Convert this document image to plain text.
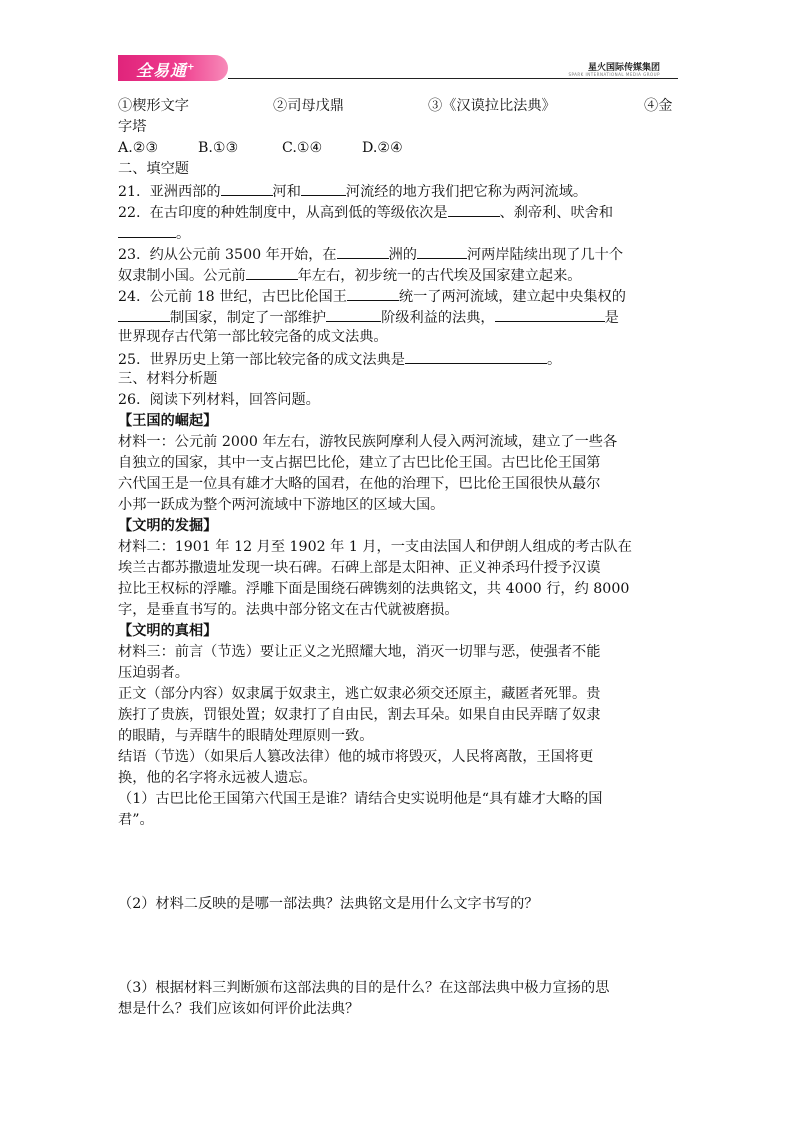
全易通+	星火国际传媒集团
SPARK INTERNATIONAL MEDIA GROUP
①楔形文字	②司母戊鼎	③《汉谟拉比法典》	④金
字塔
A.②③	B.①③	C.①④	D.②④
二、填空题
21.  亚洲西部的	河和	河流经的地方我们把它称为两河流域。
22.  在古印度的种姓制度中，从高到低的等级依次是	、刹帝利、吠舍和
。
23.  约从公元前 3500 年开始，在	洲的	河两岸陆续出现了几十个
奴隶制小国。公元前	年左右，初步统一的古代埃及国家建立起来。
24.  公元前 18 世纪，古巴比伦国王	统一了两河流域，建立起中央集权的
制国家，制定了一部维护	阶级利益的法典，	是
世界现存古代第一部比较完备的成文法典。
25.  世界历史上第一部比较完备的成文法典是	。
三、材料分析题
26.  阅读下列材料，回答问题。
【王国的崛起】
材料一：公元前 2000 年左右，游牧民族阿摩利人侵入两河流域，建立了一些各
自独立的国家，其中一支占据巴比伦，建立了古巴比伦王国。古巴比伦王国第
六代国王是一位具有雄才大略的国君，在他的治理下，巴比伦王国很快从蕞尔
小邦一跃成为整个两河流域中下游地区的区域大国。
【文明的发掘】
材料二：1901 年 12 月至 1902 年 1 月，一支由法国人和伊朗人组成的考古队在
埃兰古都苏撒遗址发现一块石碑。石碑上部是太阳神、正义神杀玛什授予汉谟
拉比王权标的浮雕。浮雕下面是围绕石碑镌刻的法典铭文，共 4000 行，约 8000
字，是垂直书写的。法典中部分铭文在古代就被磨损。
【文明的真相】
材料三：前言（节选）要让正义之光照耀大地，消灭一切罪与恶，使强者不能
压迫弱者。
正文（部分内容）奴隶属于奴隶主，逃亡奴隶必须交还原主，藏匿者死罪。贵
族打了贵族，罚银处置；奴隶打了自由民，割去耳朵。如果自由民弄瞎了奴隶
的眼睛，与弄瞎牛的眼睛处理原则一致。
结语（节选）（如果后人篡改法律）他的城市将毁灭，人民将离散，王国将更
换，他的名字将永远被人遗忘。
（1）古巴比伦王国第六代国王是谁？请结合史实说明他是“具有雄才大略的国
君”。
（2）材料二反映的是哪一部法典？法典铭文是用什么文字书写的？
（3）根据材料三判断颁布这部法典的目的是什么？在这部法典中极力宣扬的思
想是什么？我们应该如何评价此法典？
